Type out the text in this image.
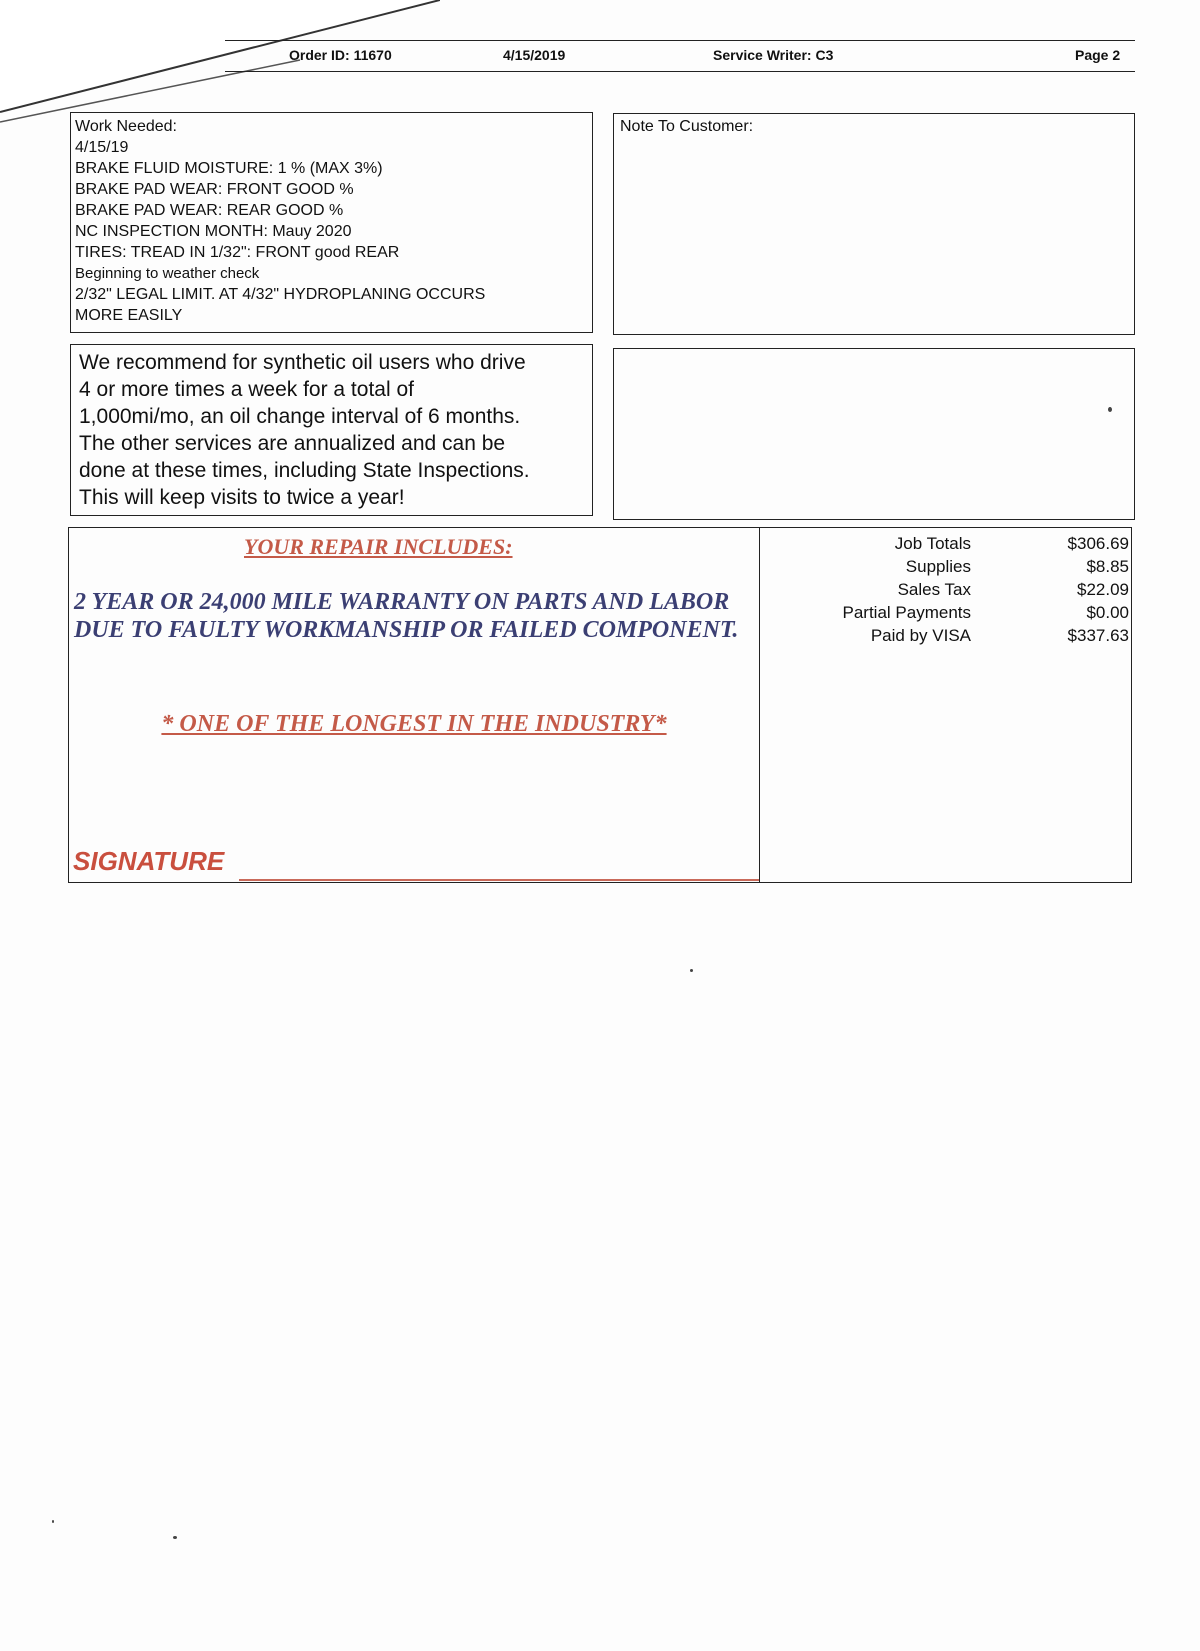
Order ID: 11670	4/15/2019	Service Writer: C3	Page 2
Work Needed:
4/15/19
BRAKE FLUID MOISTURE: 1 % (MAX 3%)
BRAKE PAD WEAR: FRONT GOOD %
BRAKE PAD WEAR: REAR GOOD %
NC INSPECTION MONTH: Mauy 2020
TIRES: TREAD IN 1/32": FRONT good REAR
Beginning to weather check
2/32" LEGAL LIMIT. AT 4/32" HYDROPLANING OCCURS
MORE EASILY
Note To Customer:
We recommend for synthetic oil users who drive
4 or more times a week for a total of
1,000mi/mo, an oil change interval of 6 months.
The other services are annualized and can be
done at these times, including State Inspections.
This will keep visits to twice a year!
YOUR REPAIR INCLUDES:
2 YEAR OR 24,000 MILE WARRANTY ON PARTS AND LABOR DUE TO FAULTY WORKMANSHIP OR FAILED COMPONENT.
* ONE OF THE LONGEST IN THE INDUSTRY*
SIGNATURE
Job Totals	$306.69
Supplies	$8.85
Sales Tax	$22.09
Partial Payments	$0.00
Paid by VISA	$337.63
